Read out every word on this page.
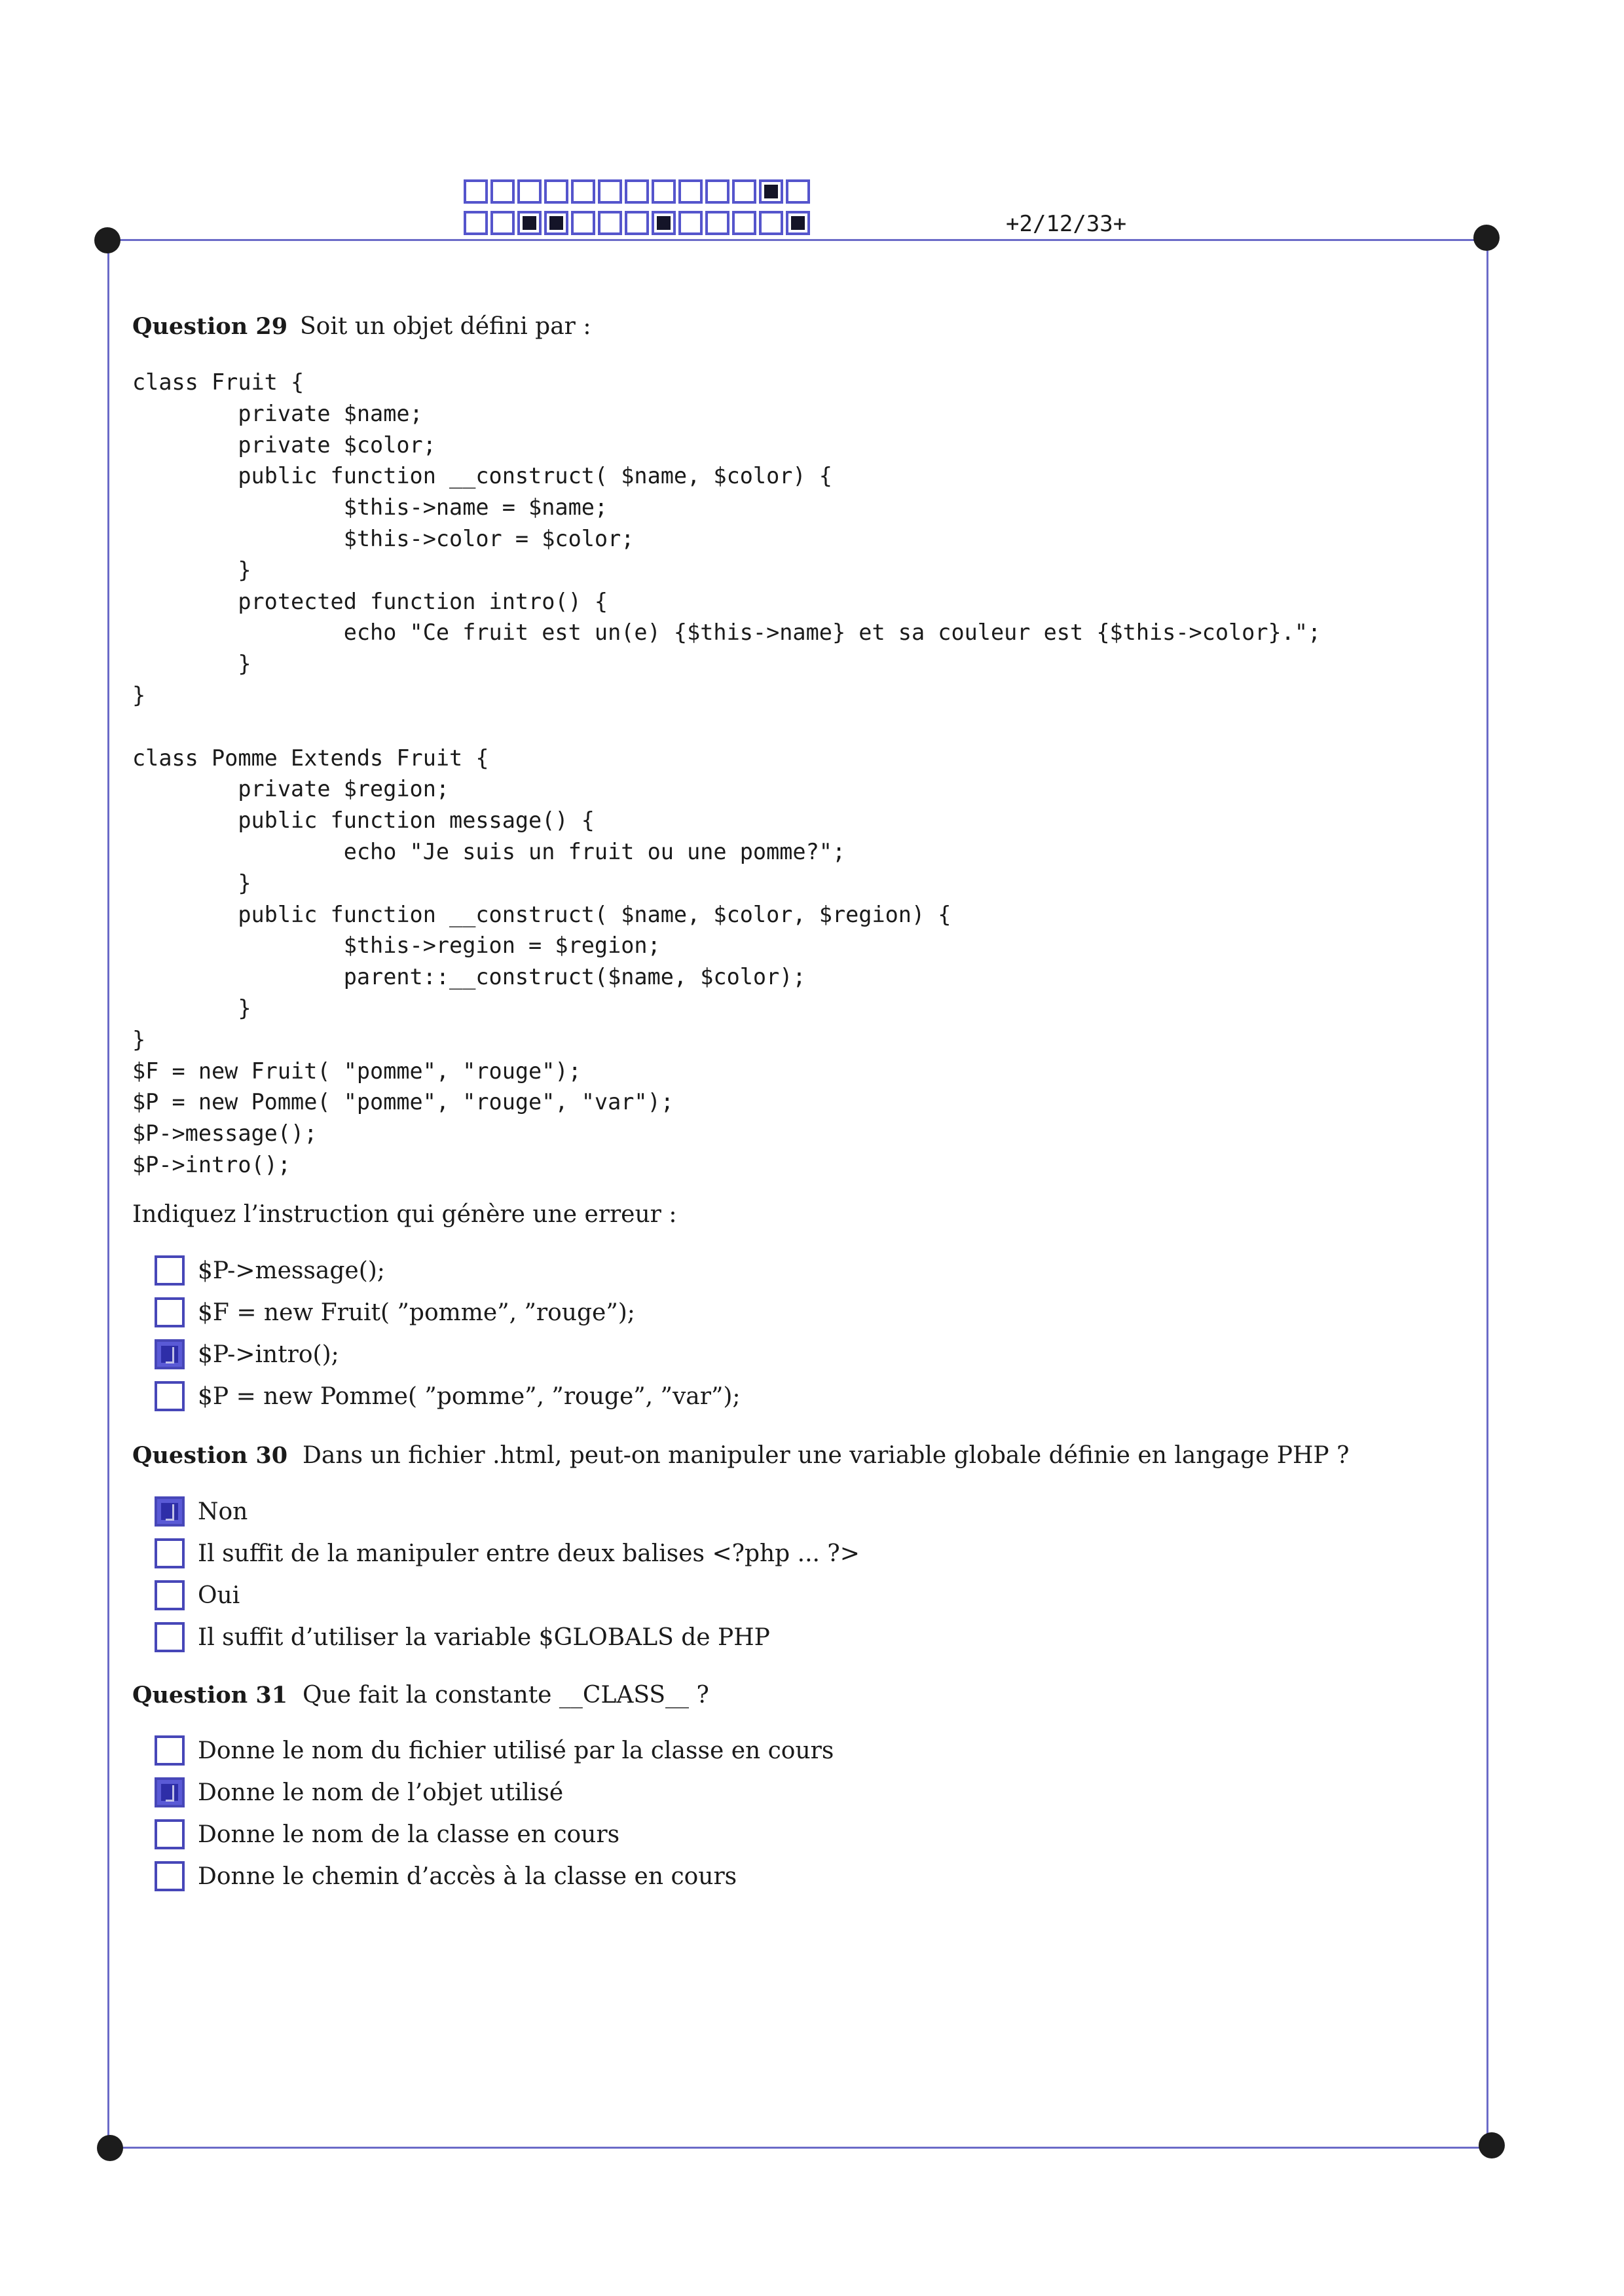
+2/12/33+
Question 29 Soit un objet défini par :
class Fruit {
private $name;
private $color;
public function __construct( $name, $color) {
$this->name = $name;
$this->color = $color;
}
protected function intro() {
echo "Ce fruit est un(e) {$this->name} et sa couleur est {$this->color}.";
}
}

class Pomme Extends Fruit {
private $region;
public function message() {
echo "Je suis un fruit ou une pomme?";
}
public function __construct( $name, $color, $region) {
$this->region = $region;
parent::__construct($name, $color);
}
}
$F = new Fruit( "pomme", "rouge");
$P = new Pomme( "pomme", "rouge", "var");
$P->message();
$P->intro();
Indiquez l’instruction qui génère une erreur :
$P->message();
$F = new Fruit( ”pomme”, ”rouge”);
$P->intro();
$P = new Pomme( ”pomme”, ”rouge”, ”var”);
Question 30 Dans un fichier .html, peut-on manipuler une variable globale définie en langage PHP ?
Non
Il suffit de la manipuler entre deux balises <?php ... ?>
Oui
Il suffit d’utiliser la variable $GLOBALS de PHP
Question 31 Que fait la constante __CLASS__ ?
Donne le nom du fichier utilisé par la classe en cours
Donne le nom de l’objet utilisé
Donne le nom de la classe en cours
Donne le chemin d’accès à la classe en cours
